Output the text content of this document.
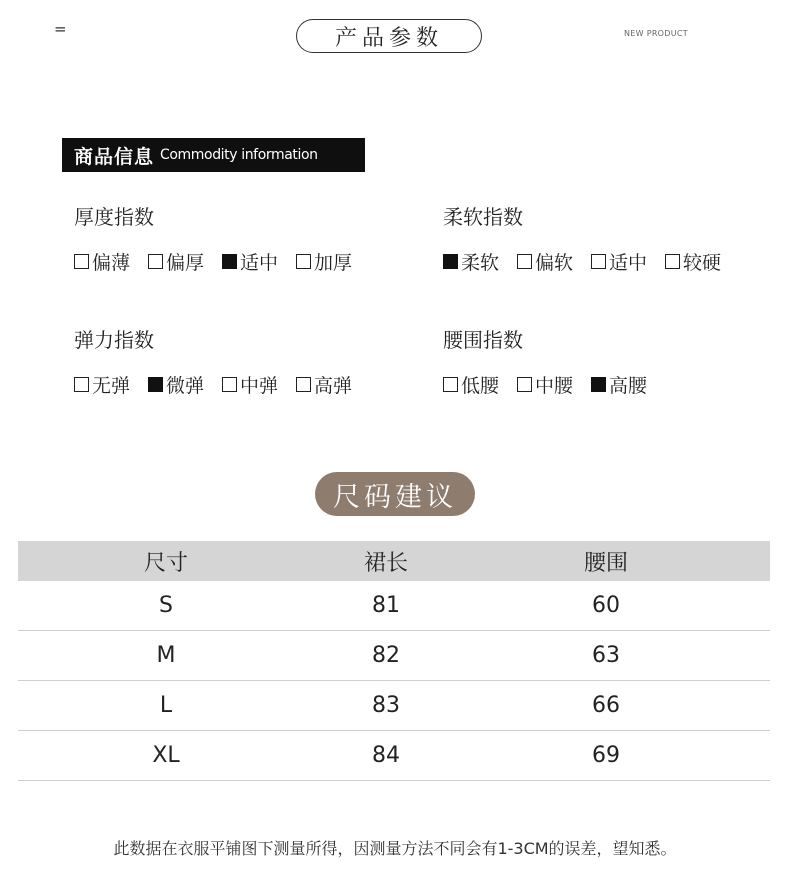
=	产品参数	NEW PRODUCT
商品信息 Commodity information
厚度指数
偏薄 偏厚 适中 加厚
柔软指数
柔软 偏软 适中 较硬
弹力指数
无弹 微弹 中弹 高弹
腰围指数
低腰 中腰 高腰
尺码建议
尺寸	裙长	腰围
S	81	60
M	82	63
L	83	66
XL	84	69
此数据在衣服平铺图下测量所得，因测量方法不同会有1-3CM的误差，望知悉。
